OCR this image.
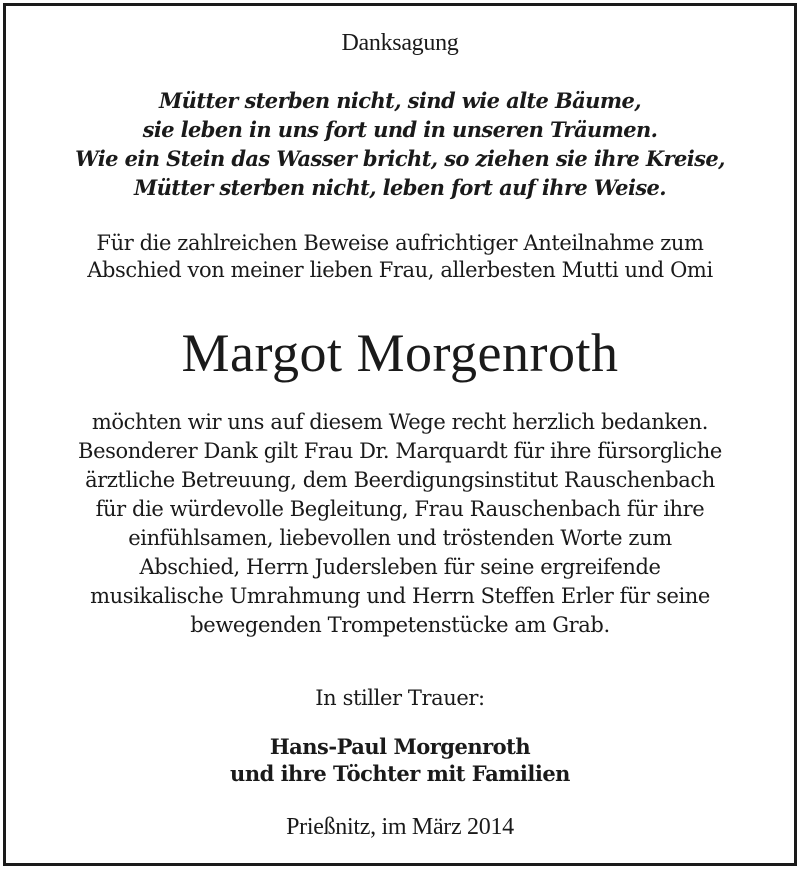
Danksagung
Mütter sterben nicht, sind wie alte Bäume,
sie leben in uns fort und in unseren Träumen.
Wie ein Stein das Wasser bricht, so ziehen sie ihre Kreise,
Mütter sterben nicht, leben fort auf ihre Weise.
Für die zahlreichen Beweise aufrichtiger Anteilnahme zum
Abschied von meiner lieben Frau, allerbesten Mutti und Omi
Margot Morgenroth
möchten wir uns auf diesem Wege recht herzlich bedanken.
Besonderer Dank gilt Frau Dr. Marquardt für ihre fürsorgliche
ärztliche Betreuung, dem Beerdigungsinstitut Rauschenbach
für die würdevolle Begleitung, Frau Rauschenbach für ihre
einfühlsamen, liebevollen und tröstenden Worte zum
Abschied, Herrn Judersleben für seine ergreifende
musikalische Umrahmung und Herrn Steffen Erler für seine
bewegenden Trompetenstücke am Grab.
In stiller Trauer:
Hans-Paul Morgenroth
und ihre Töchter mit Familien
Prießnitz, im März 2014
